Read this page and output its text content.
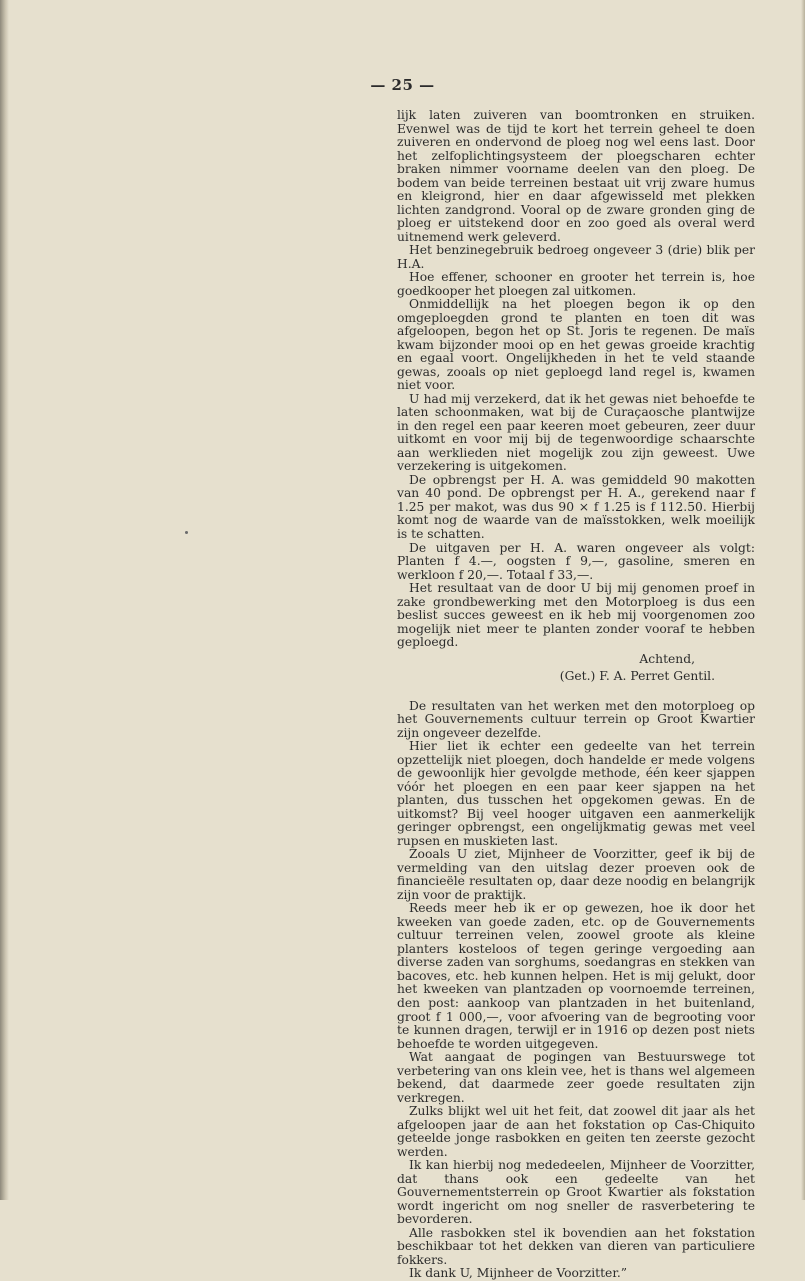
— 25 —

lijk laten zuiveren van boomtronken en struiken. Evenwel was de tijd te kort het terrein geheel te doen zuiveren en ondervond de ploeg nog wel eens last. Door het zelfoplichtingsysteem der ploegscharen echter braken nimmer voorname deelen van den ploeg. De bodem van beide terreinen bestaat uit vrij zware humus en kleigrond, hier en daar afgewisseld met plekken lichten zandgrond. Vooral op de zware gronden ging de ploeg er uitstekend door en zoo goed als overal werd uitnemend werk geleverd.

Het benzinegebruik bedroeg ongeveer 3 (drie) blik per H.A.

Hoe effener, schooner en grooter het terrein is, hoe goedkooper het ploegen zal uitkomen.

Onmiddellijk na het ploegen begon ik op den omgeploegden grond te planten en toen dit was afgeloopen, begon het op St. Joris te regenen. De maïs kwam bijzonder mooi op en het gewas groeide krachtig en egaal voort. Ongelijkheden in het te veld staande gewas, zooals op niet geploegd land regel is, kwamen niet voor.

U had mij verzekerd, dat ik het gewas niet behoefde te laten schoonmaken, wat bij de Curaçaosche plantwijze in den regel een paar keeren moet gebeuren, zeer duur uitkomt en voor mij bij de tegenwoordige schaarschte aan werklieden niet mogelijk zou zijn geweest. Uwe verzekering is uitgekomen.

De opbrengst per H. A. was gemiddeld 90 makotten van 40 pond. De opbrengst per H. A., gerekend naar f 1.25 per makot, was dus 90 × f 1.25 is f 112.50. Hierbij komt nog de waarde van de maïsstokken, welk moeilijk is te schatten.

De uitgaven per H. A. waren ongeveer als volgt: Planten f 4.—, oogsten f 9,—, gasoline, smeren en werkloon f 20,—. Totaal f 33,—.

Het resultaat van de door U bij mij genomen proef in zake grondbewerking met den Motorploeg is dus een beslist succes geweest en ik heb mij voorgenomen zoo mogelijk niet meer te planten zonder vooraf te hebben geploegd.

Achtend,

(Get.) F. A. Perret Gentil.

De resultaten van het werken met den motorploeg op het Gouvernements cultuur terrein op Groot Kwartier zijn ongeveer dezelfde.

Hier liet ik echter een gedeelte van het terrein opzettelijk niet ploegen, doch handelde er mede volgens de gewoonlijk hier gevolgde methode, één keer sjappen vóór het ploegen en een paar keer sjappen na het planten, dus tusschen het opgekomen gewas. En de uitkomst? Bij veel hooger uitgaven een aanmerkelijk geringer opbrengst, een ongelijkmatig gewas met veel rupsen en muskieten last.

Zooals U ziet, Mijnheer de Voorzitter, geef ik bij de vermelding van den uitslag dezer proeven ook de financieële resultaten op, daar deze noodig en belangrijk zijn voor de praktijk.

Reeds meer heb ik er op gewezen, hoe ik door het kweeken van goede zaden, etc. op de Gouvernements cultuur terreinen velen, zoowel groote als kleine planters kosteloos of tegen geringe vergoeding aan diverse zaden van sorghums, soedangras en stekken van bacoves, etc. heb kunnen helpen. Het is mij gelukt, door het kweeken van plantzaden op voornoemde terreinen, den post: aankoop van plantzaden in het buitenland, groot f 1 000,—, voor afvoering van de begrooting voor te kunnen dragen, terwijl er in 1916 op dezen post niets behoefde te worden uitgegeven.

Wat aangaat de pogingen van Bestuurswege tot verbetering van ons klein vee, het is thans wel algemeen bekend, dat daarmede zeer goede resultaten zijn verkregen.

Zulks blijkt wel uit het feit, dat zoowel dit jaar als het afgeloopen jaar de aan het fokstation op Cas-Chiquito geteelde jonge rasbokken en geiten ten zeerste gezocht werden.

Ik kan hierbij nog mededeelen, Mijnheer de Voorzitter, dat thans ook een gedeelte van het Gouvernementsterrein op Groot Kwartier als fokstation wordt ingericht om nog sneller de rasverbetering te bevorderen.

Alle rasbokken stel ik bovendien aan het fokstation beschikbaar tot het dekken van dieren van particuliere fokkers.

Ik dank U, Mijnheer de Voorzitter.”
